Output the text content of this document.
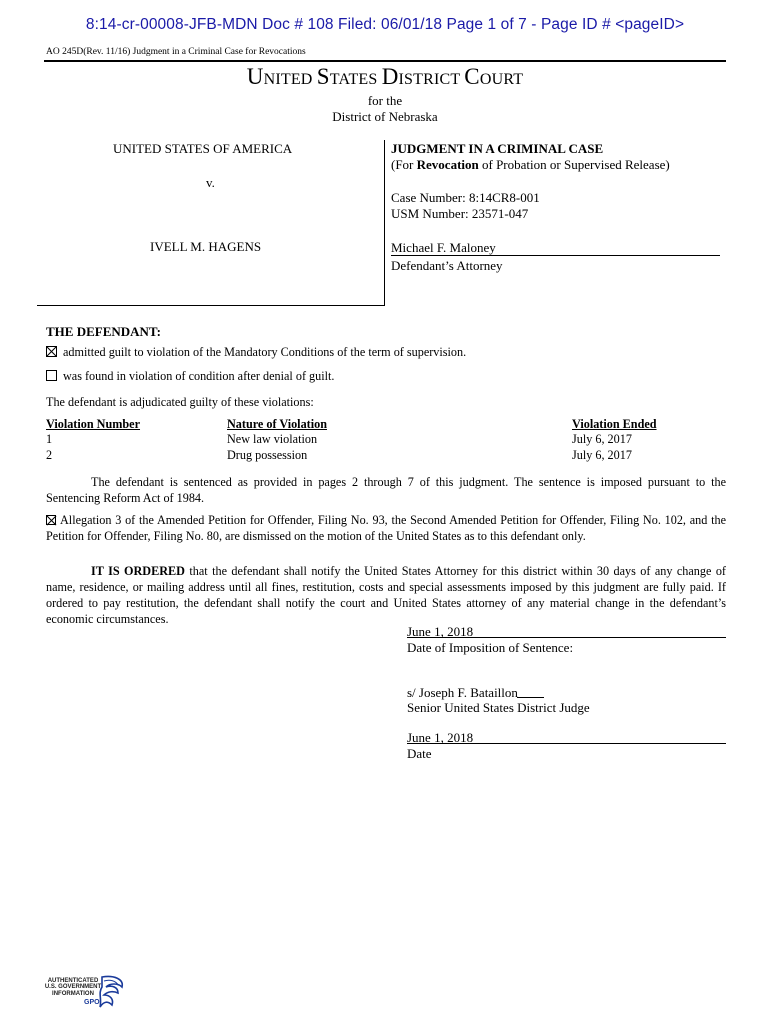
8:14-cr-00008-JFB-MDN Doc # 108 Filed: 06/01/18 Page 1 of 7 - Page ID # <pageID>
AO 245D(Rev. 11/16) Judgment in a Criminal Case for Revocations
UNITED STATES DISTRICT COURT
for the
District of Nebraska
UNITED STATES OF AMERICA
v.
IVELL M. HAGENS
JUDGMENT IN A CRIMINAL CASE
(For Revocation of Probation or Supervised Release)
Case Number: 8:14CR8-001
USM Number: 23571-047
Michael F. Maloney
Defendant’s Attorney
THE DEFENDANT:
admitted guilt to violation of the Mandatory Conditions of the term of supervision.
was found in violation of condition after denial of guilt.
The defendant is adjudicated guilty of these violations:
Violation Number	Nature of Violation	Violation Ended
1	New law violation	July 6, 2017
2	Drug possession	July 6, 2017
The defendant is sentenced as provided in pages 2 through 7 of this judgment. The sentence is imposed pursuant to the Sentencing Reform Act of 1984.
Allegation 3 of the Amended Petition for Offender, Filing No. 93, the Second Amended Petition for Offender, Filing No. 102, and the Petition for Offender, Filing No. 80, are dismissed on the motion of the United States as to this defendant only.
IT IS ORDERED that the defendant shall notify the United States Attorney for this district within 30 days of any change of name, residence, or mailing address until all fines, restitution, costs and special assessments imposed by this judgment are fully paid. If ordered to pay restitution, the defendant shall notify the court and United States attorney of any material change in the defendant’s economic circumstances.
June 1, 2018
Date of Imposition of Sentence:
s/ Joseph F. Bataillon
Senior United States District Judge
June 1, 2018
Date
AUTHENTICATED
U.S. GOVERNMENT
INFORMATION
GPO
